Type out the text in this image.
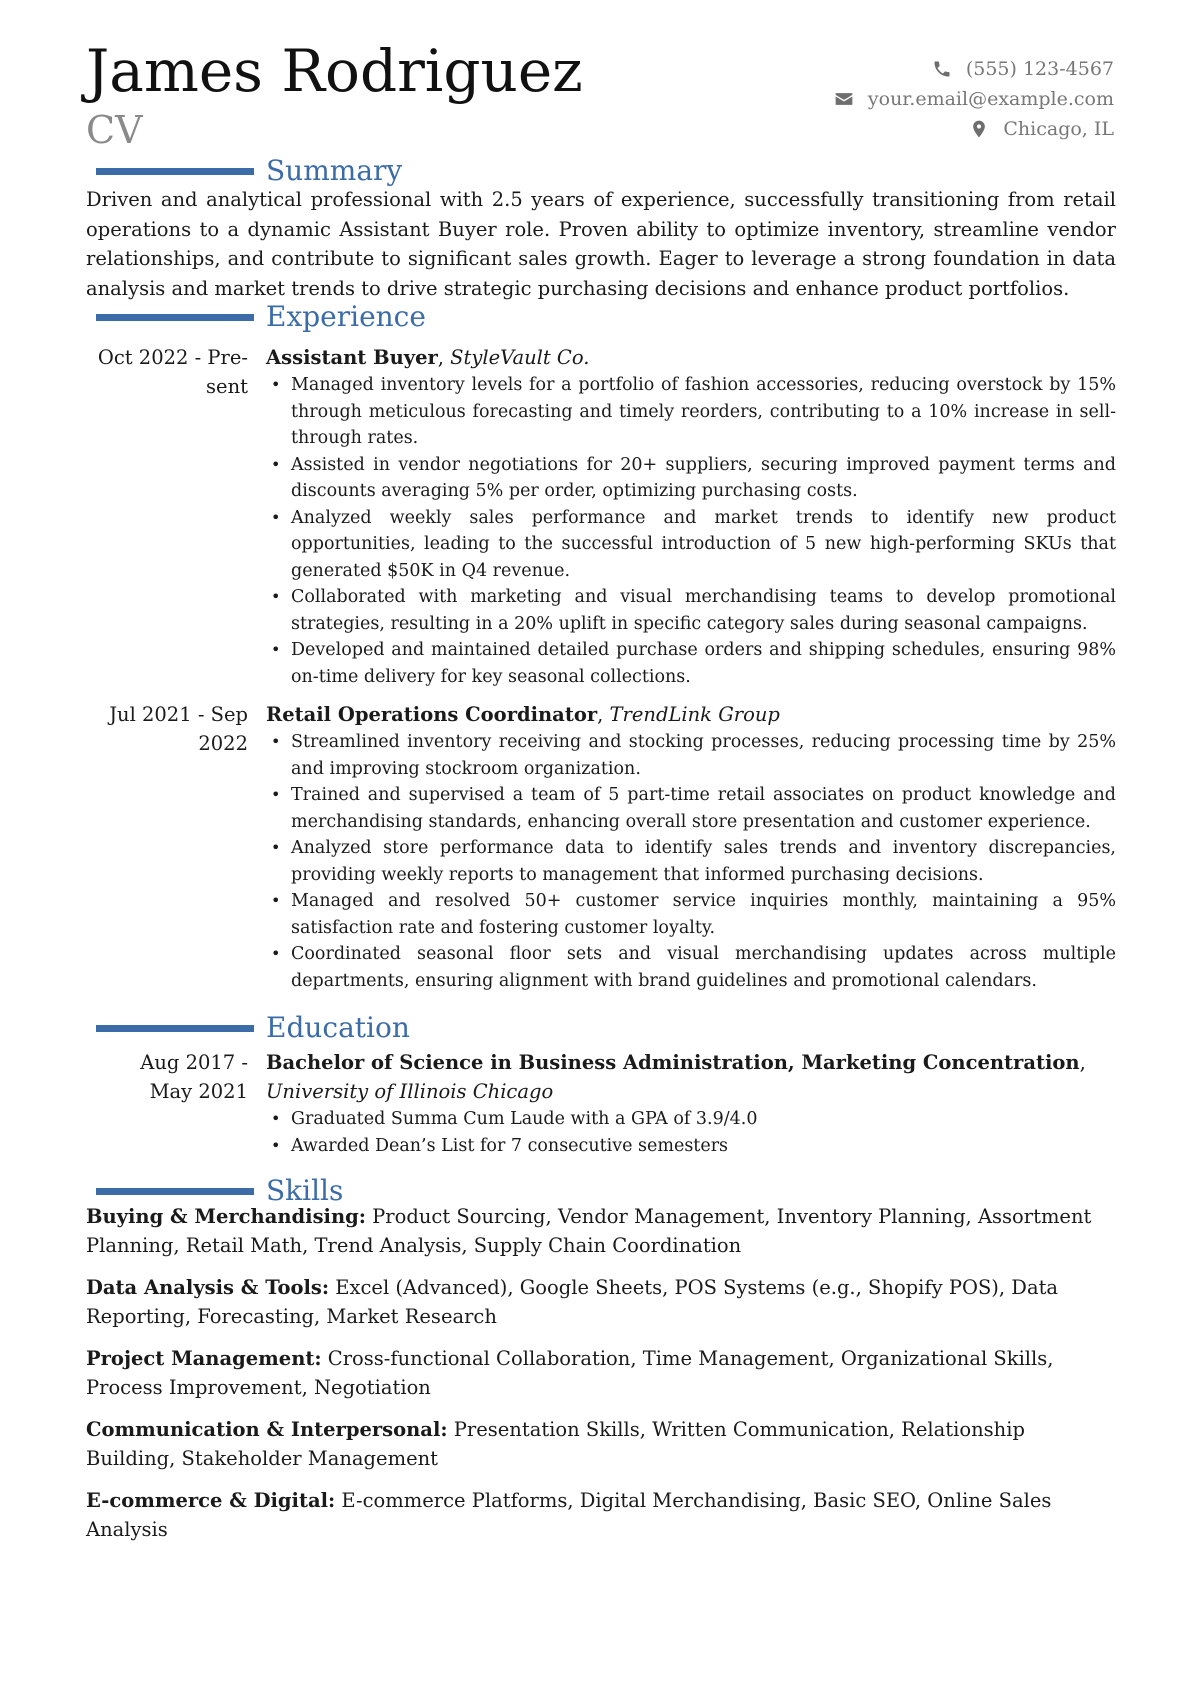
James Rodriguez
CV
(555) 123-4567
your.email@example.com
Chicago, IL
Summary

Driven and analytical professional with 2.5 years of experience, successfully transitioning from retail operations to a dynamic Assistant Buyer role. Proven ability to optimize inventory, streamline vendor relationships, and contribute to significant sales growth. Eager to leverage a strong foundation in data analysis and market trends to drive strategic purchasing decisions and enhance product portfolios.

Experience
Oct 2022 - Pre-
sent
Assistant Buyer, StyleVault Co.
• Managed inventory levels for a portfolio of fashion accessories, reducing overstock by 15% through meticulous forecasting and timely reorders, contributing to a 10% increase in sell-through rates.
• Assisted in vendor negotiations for 20+ suppliers, securing improved payment terms and discounts averaging 5% per order, optimizing purchasing costs.
• Analyzed weekly sales performance and market trends to identify new product opportunities, leading to the successful introduction of 5 new high-performing SKUs that generated $50K in Q4 revenue.
• Collaborated with marketing and visual merchandising teams to develop promotional strategies, resulting in a 20% uplift in specific category sales during seasonal campaigns.
• Developed and maintained detailed purchase orders and shipping schedules, ensuring 98% on-time delivery for key seasonal collections.
Jul 2021 - Sep
2022
Retail Operations Coordinator, TrendLink Group
• Streamlined inventory receiving and stocking processes, reducing processing time by 25% and improving stockroom organization.
• Trained and supervised a team of 5 part-time retail associates on product knowledge and merchandising standards, enhancing overall store presentation and customer experience.
• Analyzed store performance data to identify sales trends and inventory discrepancies, providing weekly reports to management that informed purchasing decisions.
• Managed and resolved 50+ customer service inquiries monthly, maintaining a 95% satisfaction rate and fostering customer loyalty.
• Coordinated seasonal floor sets and visual merchandising updates across multiple departments, ensuring alignment with brand guidelines and promotional calendars.
Education
Aug 2017 -
May 2021
Bachelor of Science in Business Administration, Marketing Concentration,
University of Illinois Chicago
• Graduated Summa Cum Laude with a GPA of 3.9/4.0
• Awarded Dean’s List for 7 consecutive semesters
Skills

Buying & Merchandising: Product Sourcing, Vendor Management, Inventory Planning, Assortment Planning, Retail Math, Trend Analysis, Supply Chain Coordination

Data Analysis & Tools: Excel (Advanced), Google Sheets, POS Systems (e.g., Shopify POS), Data Reporting, Forecasting, Market Research

Project Management: Cross-functional Collaboration, Time Management, Organizational Skills, Process Improvement, Negotiation

Communication & Interpersonal: Presentation Skills, Written Communication, Relationship Building, Stakeholder Management

E-commerce & Digital: E-commerce Platforms, Digital Merchandising, Basic SEO, Online Sales Analysis
